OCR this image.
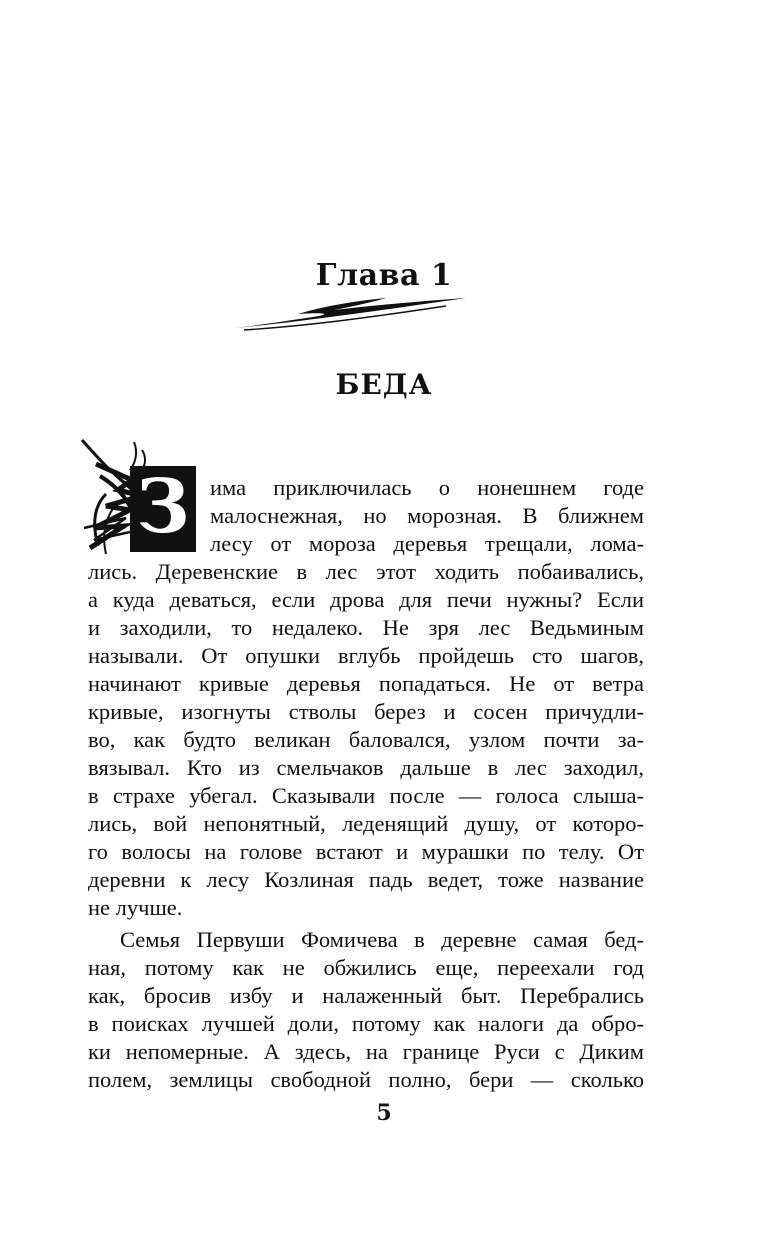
Глава 1
БЕДА
З има приключилась о нонешнем годе
малоснежная, но морозная. В ближнем
лесу от мороза деревья трещали, лома-
лись. Деревенские в лес этот ходить побаивались,
а куда деваться, если дрова для печи нужны? Если
и заходили, то недалеко. Не зря лес Ведьминым
называли. От опушки вглубь пройдешь сто шагов,
начинают кривые деревья попадаться. Не от ветра
кривые, изогнуты стволы берез и сосен причудли-
во, как будто великан баловался, узлом почти за-
вязывал. Кто из смельчаков дальше в лес заходил,
в страхе убегал. Сказывали после — голоса слыша-
лись, вой непонятный, леденящий душу, от которо-
го волосы на голове встают и мурашки по телу. От
деревни к лесу Козлиная падь ведет, тоже название
не лучше.
Семья Первуши Фомичева в деревне самая бед-
ная, потому как не обжились еще, переехали год
как, бросив избу и налаженный быт. Перебрались
в поисках лучшей доли, потому как налоги да обро-
ки непомерные. А здесь, на границе Руси с Диким
полем, землицы свободной полно, бери — сколько
5
